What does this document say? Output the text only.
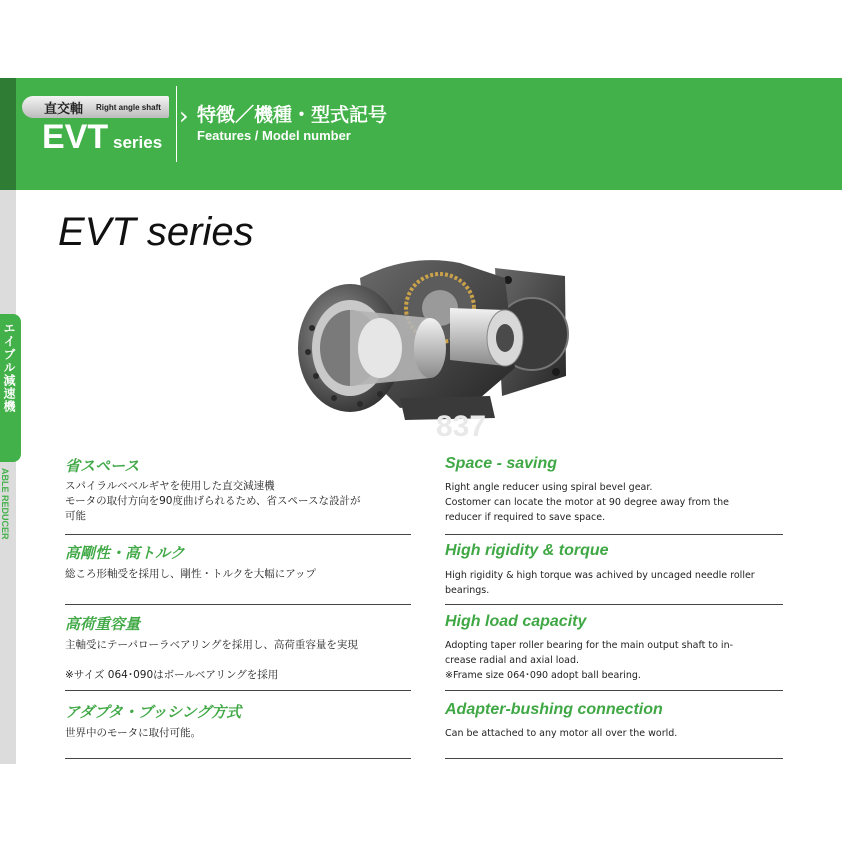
直交軸 Right angle shaft
EVT series
› 特徴／機種・型式記号
Features / Model number
エイブル減速機
ABLE REDUCER
EVT series
837
省スペース
スパイラルベベルギヤを使用した直交減速機
モータの取付方向を90度曲げられるため、省スペースな設計が
可能
Space - saving
Right angle reducer using spiral bevel gear.
Costomer can locate the motor at 90 degree away from the
reducer if required to save space.
高剛性・高トルク
総ころ形軸受を採用し、剛性・トルクを大幅にアップ
High rigidity & torque
High rigidity & high torque was achived by uncaged needle roller
bearings.
高荷重容量
主軸受にテーパローラベアリングを採用し、高荷重容量を実現
※サイズ 064･090はボールベアリングを採用
High load capacity
Adopting taper roller bearing for the main output shaft to in-
crease radial and axial load.
※Frame size 064･090 adopt ball bearing.
アダプタ・ブッシング方式
世界中のモータに取付可能。
Adapter-bushing connection
Can be attached to any motor all over the world.
